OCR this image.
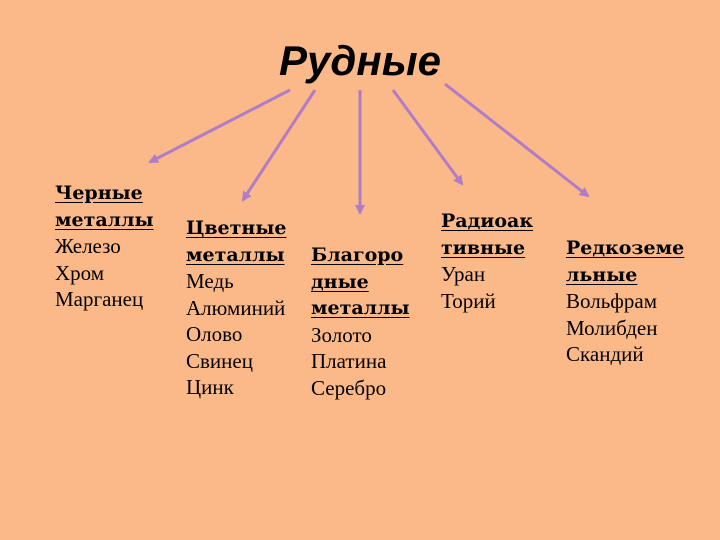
Рудные
Черные
металлы
Железо
Хром
Марганец
Цветные
металлы
Медь
Алюминий
Олово
Свинец
Цинк
Благоро
дные
металлы
Золото
Платина
Серебро
Радиоак
тивные
Уран
Торий
Редкоземе
льные
Вольфрам
Молибден
Скандий
